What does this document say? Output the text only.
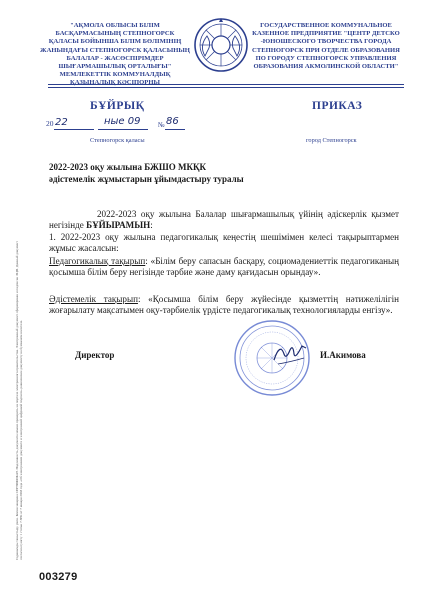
"АҚМОЛА ОБЛЫСЫ БІЛІМ БАСҚАРМАСЫНЫҢ СТЕПНОГОРСК ҚАЛАСЫ БОЙЫНША БІЛІМ БӨЛІМІНІҢ ЖАНЫНДАҒЫ СТЕПНОГОРСК ҚАЛАСЫНЫҢ БАЛАЛАР - ЖАСӨСПІРІМДЕР ШЫҒАРМАШЫЛЫҚ ОРТАЛЫҒЫ" МЕМЛЕКЕТТІК КОММУНАЛДЫҚ ҚАЗЫНАЛЫҚ КӘСІПОРНЫ
ГОСУДАРСТВЕННОЕ КОММУНАЛЬНОЕ КАЗЕННОЕ ПРЕДПРИЯТИЕ "ЦЕНТР ДЕТСКО -ЮНОШЕСКОГО ТВОРЧЕСТВА ГОРОДА СТЕПНОГОРСК ПРИ ОТДЕЛЕ ОБРАЗОВАНИЯ ПО ГОРОДУ СТЕПНОГОРСК УПРАВЛЕНИЯ ОБРАЗОВАНИЯ АКМОЛИНСКОЙ ОБЛАСТИ"
БҰЙРЫҚ	ПРИКАЗ
20 22	ные 09	№ 86
Степногорск қаласы	город Степногорск
2022-2023 оқу жылына БЖШО МКҚК
әдістемелік жұмыстарын ұйымдастыру туралы
2022-2023 оқу жылына Балалар шығармашылық үйінің әдіскерлік қызмет негізінде БҰЙЫРАМЫН:
1. 2022-2023 оқу жылына педагогикалық кеңестің шешімімен келесі тақырыптармен жұмыс жасалсын:
Педагогикалық тақырып: «Білім беру сапасын басқару, социомәдениеттік педагогиканың қосымша білім беру негізінде тәрбие және даму қағидасын орындау».
Әдістемелік тақырып: «Қосымша білім беру жүйесінде қызметтің нәтижелілігін жоғарылату мақсатымен оқу-тәрбиелік үрдісте педагогикалық технологияларды енгізу».
Директор	И.Акимова
Сұранымды таныстыру үшін. Копия заверена СЕРТИФИКАТ. Подлинность документа можно проверить на портале электронного правительства. Электронный документ сформирован и подписан ЭЦП. Данный документ согласно пункту 1 статьи 7 ЗРК от 7 января 2003 года «Об электронном документе и электронной цифровой подписи» равнозначен документу на бумажном носителе.
003279
